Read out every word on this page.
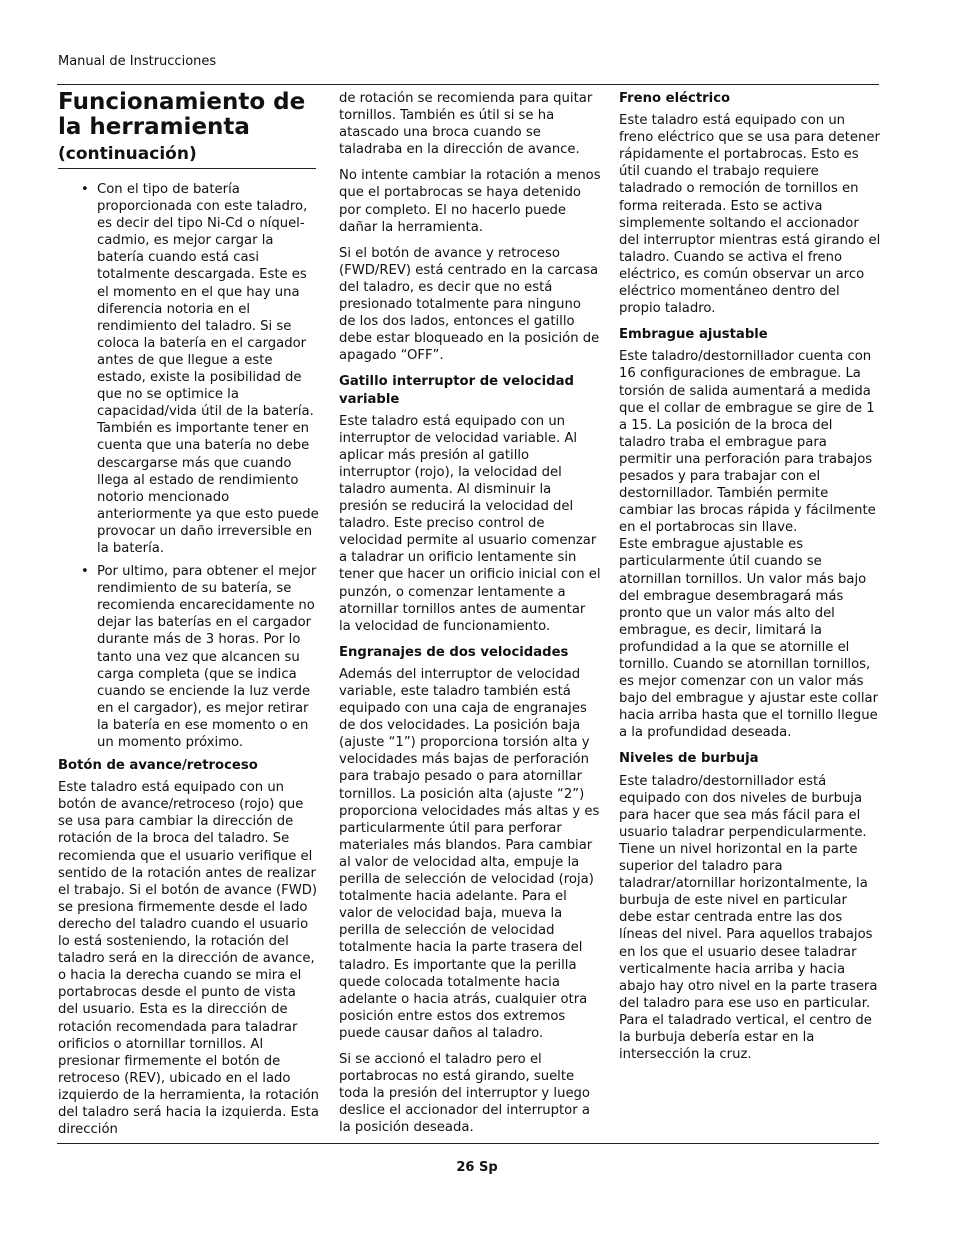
Manual de Instrucciones
Funcionamiento de la herramienta
(continuación)
• Con el tipo de batería proporcionada con este taladro, es decir del tipo Ni-Cd o níquel-cadmio, es mejor cargar la batería cuando está casi totalmente descargada. Este es el momento en el que hay una diferencia notoria en el rendimiento del taladro. Si se coloca la batería en el cargador antes de que llegue a este estado, existe la posibilidad de que no se optimice la capacidad/vida útil de la batería. También es importante tener en cuenta que una batería no debe descargarse más que cuando llega al estado de rendimiento notorio mencionado anteriormente ya que esto puede provocar un daño irreversible en la batería.
• Por ultimo, para obtener el mejor rendimiento de su batería, se recomienda encarecidamente no dejar las baterías en el cargador durante más de 3 horas. Por lo tanto una vez que alcancen su carga completa (que se indica cuando se enciende la luz verde en el cargador), es mejor retirar la batería en ese momento o en un momento próximo.
Botón de avance/retroceso

Este taladro está equipado con un botón de avance/retroceso (rojo) que se usa para cambiar la dirección de rotación de la broca del taladro. Se recomienda que el usuario verifique el sentido de la rotación antes de realizar el trabajo. Si el botón de avance (FWD) se presiona firmemente desde el lado derecho del taladro cuando el usuario lo está sosteniendo, la rotación del taladro será en la dirección de avance, o hacia la derecha cuando se mira el portabrocas desde el punto de vista del usuario. Esta es la dirección de rotación recomendada para taladrar orificios o atornillar tornillos. Al presionar firmemente el botón de retroceso (REV), ubicado en el lado izquierdo de la herramienta, la rotación del taladro será hacia la izquierda. Esta dirección

de rotación se recomienda para quitar tornillos. También es útil si se ha atascado una broca cuando se taladraba en la dirección de avance.

No intente cambiar la rotación a menos que el portabrocas se haya detenido por completo. El no hacerlo puede dañar la herramienta.

Si el botón de avance y retroceso (FWD/REV) está centrado en la carcasa del taladro, es decir que no está presionado totalmente para ninguno de los dos lados, entonces el gatillo debe estar bloqueado en la posición de apagado “OFF”.

Gatillo interruptor de velocidad variable

Este taladro está equipado con un interruptor de velocidad variable. Al aplicar más presión al gatillo interruptor (rojo), la velocidad del taladro aumenta. Al disminuir la presión se reducirá la velocidad del taladro. Este preciso control de velocidad permite al usuario comenzar a taladrar un orificio lentamente sin tener que hacer un orificio inicial con el punzón, o comenzar lentamente a atornillar tornillos antes de aumentar la velocidad de funcionamiento.

Engranajes de dos velocidades

Además del interruptor de velocidad variable, este taladro también está equipado con una caja de engranajes de dos velocidades. La posición baja (ajuste “1”) proporciona torsión alta y velocidades más bajas de perforación para trabajo pesado o para atornillar tornillos. La posición alta (ajuste “2”) proporciona velocidades más altas y es particularmente útil para perforar materiales más blandos. Para cambiar al valor de velocidad alta, empuje la perilla de selección de velocidad (roja) totalmente hacia adelante. Para el valor de velocidad baja, mueva la perilla de selección de velocidad totalmente hacia la parte trasera del taladro. Es importante que la perilla quede colocada totalmente hacia adelante o hacia atrás, cualquier otra posición entre estos dos extremos puede causar daños al taladro.

Si se accionó el taladro pero el portabrocas no está girando, suelte toda la presión del interruptor y luego deslice el accionador del interruptor a la posición deseada.

Freno eléctrico

Este taladro está equipado con un freno eléctrico que se usa para detener rápidamente el portabrocas. Esto es útil cuando el trabajo requiere taladrado o remoción de tornillos en forma reiterada. Esto se activa simplemente soltando el accionador del interruptor mientras está girando el taladro. Cuando se activa el freno eléctrico, es común observar un arco eléctrico momentáneo dentro del propio taladro.

Embrague ajustable

Este taladro/destornillador cuenta con 16 configuraciones de embrague. La torsión de salida aumentará a medida que el collar de embrague se gire de 1 a 15. La posición de la broca del taladro traba el embrague para permitir una perforación para trabajos pesados y para trabajar con el destornillador. También permite cambiar las brocas rápida y fácilmente en el portabrocas sin llave.

Este embrague ajustable es particularmente útil cuando se atornillan tornillos. Un valor más bajo del embrague desembragará más pronto que un valor más alto del embrague, es decir, limitará la profundidad a la que se atornille el tornillo. Cuando se atornillan tornillos, es mejor comenzar con un valor más bajo del embrague y ajustar este collar hacia arriba hasta que el tornillo llegue a la profundidad deseada.

Niveles de burbuja

Este taladro/destornillador está equipado con dos niveles de burbuja para hacer que sea más fácil para el usuario taladrar perpendicularmente. Tiene un nivel horizontal en la parte superior del taladro para taladrar/atornillar horizontalmente, la burbuja de este nivel en particular debe estar centrada entre las dos líneas del nivel. Para aquellos trabajos en los que el usuario desee taladrar verticalmente hacia arriba y hacia abajo hay otro nivel en la parte trasera del taladro para ese uso en particular. Para el taladrado vertical, el centro de la burbuja debería estar en la intersección la cruz.

26 Sp
